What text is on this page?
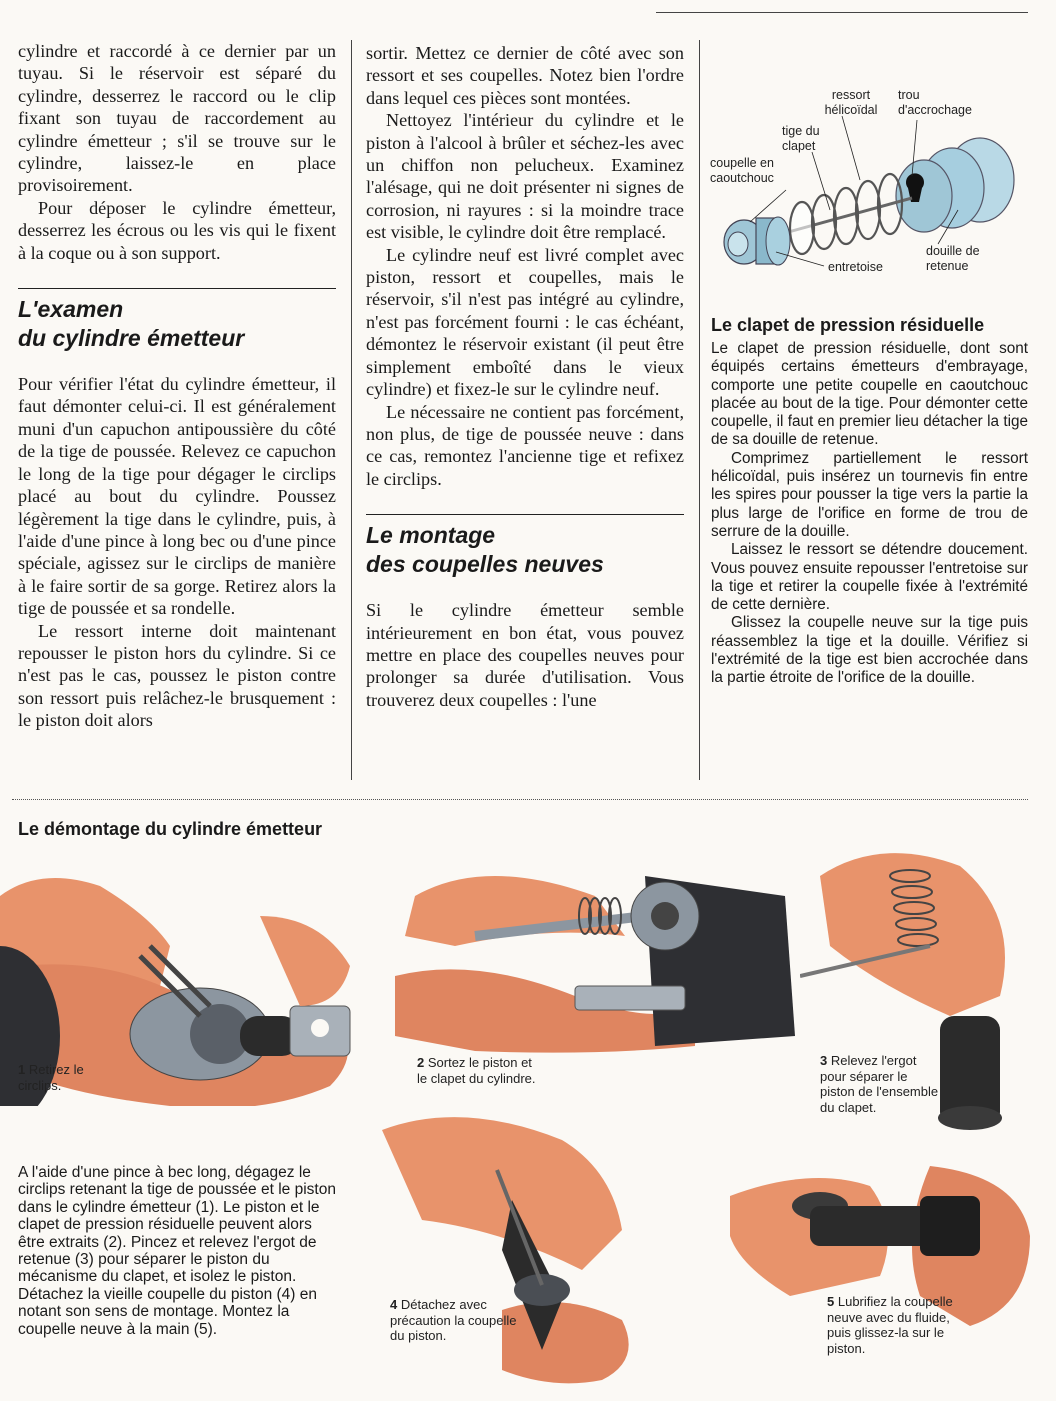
cylindre et raccordé à ce dernier par un tuyau. Si le réservoir est séparé du cylindre, desserrez le raccord ou le clip fixant son tuyau de raccordement au cylindre émetteur ; s'il se trouve sur le cylindre, laissez-le en place provisoirement.

Pour déposer le cylindre émetteur, desserrez les écrous ou les vis qui le fixent à la coque ou à son support.

L'examen
du cylindre émetteur

Pour vérifier l'état du cylindre émetteur, il faut démonter celui-ci. Il est généralement muni d'un capuchon antipoussière du côté de la tige de poussée. Relevez ce capuchon le long de la tige pour dégager le circlips placé au bout du cylindre. Poussez légèrement la tige dans le cylindre, puis, à l'aide d'une pince à long bec ou d'une pince spéciale, agissez sur le circlips de manière à le faire sortir de sa gorge. Retirez alors la tige de poussée et sa rondelle.

Le ressort interne doit maintenant repousser le piston hors du cylindre. Si ce n'est pas le cas, poussez le piston contre son ressort puis relâchez-le brusquement : le piston doit alors

sortir. Mettez ce dernier de côté avec son ressort et ses coupelles. Notez bien l'ordre dans lequel ces pièces sont montées.

Nettoyez l'intérieur du cylindre et le piston à l'alcool à brûler et séchez-les avec un chiffon non pelucheux. Examinez l'alésage, qui ne doit présenter ni signes de corrosion, ni rayures : si la moindre trace est visible, le cylindre doit être remplacé.

Le cylindre neuf est livré complet avec piston, ressort et coupelles, mais le réservoir, s'il n'est pas intégré au cylindre, n'est pas forcément fourni : le cas échéant, démontez le réservoir existant (il peut être simplement emboîté dans le vieux cylindre) et fixez-le sur le cylindre neuf.

Le nécessaire ne contient pas forcément, non plus, de tige de poussée neuve : dans ce cas, remontez l'ancienne tige et refixez le circlips.

Le montage
des coupelles neuves

Si le cylindre émetteur semble intérieurement en bon état, vous pouvez mettre en place des coupelles neuves pour prolonger sa durée d'utilisation. Vous trouverez deux coupelles : l'une

ressort hélicoïdal
trou d'accrochage
tige du clapet
coupelle en caoutchouc
douille de retenue
entretoise
Le clapet de pression résiduelle

Le clapet de pression résiduelle, dont sont équipés certains émetteurs d'embrayage, comporte une petite coupelle en caoutchouc placée au bout de la tige. Pour démonter cette coupelle, il faut en premier lieu détacher la tige de sa douille de retenue.

Comprimez partiellement le ressort hélicoïdal, puis insérez un tournevis fin entre les spires pour pousser la tige vers la partie la plus large de l'orifice en forme de trou de serrure de la douille.

Laissez le ressort se détendre doucement. Vous pouvez ensuite repousser l'entretoise sur la tige et retirer la coupelle fixée à l'extrémité de cette dernière.

Glissez la coupelle neuve sur la tige puis réassemblez la tige et la douille. Vérifiez si l'extrémité de la tige est bien accrochée dans la partie étroite de l'orifice de la douille.

Le démontage du cylindre émetteur
1 Retirez le circlips.
2 Sortez le piston et le clapet du cylindre.
3 Relevez l'ergot pour séparer le piston de l'ensemble du clapet.
4 Détachez avec précaution la coupelle du piston.
5 Lubrifiez la coupelle neuve avec du fluide, puis glissez-la sur le piston.

A l'aide d'une pince à bec long, dégagez le circlips retenant la tige de poussée et le piston dans le cylindre émetteur (1). Le piston et le clapet de pression résiduelle peuvent alors être extraits (2). Pincez et relevez l'ergot de retenue (3) pour séparer le piston du mécanisme du clapet, et isolez le piston. Détachez la vieille coupelle du piston (4) en notant son sens de montage. Montez la coupelle neuve à la main (5).
